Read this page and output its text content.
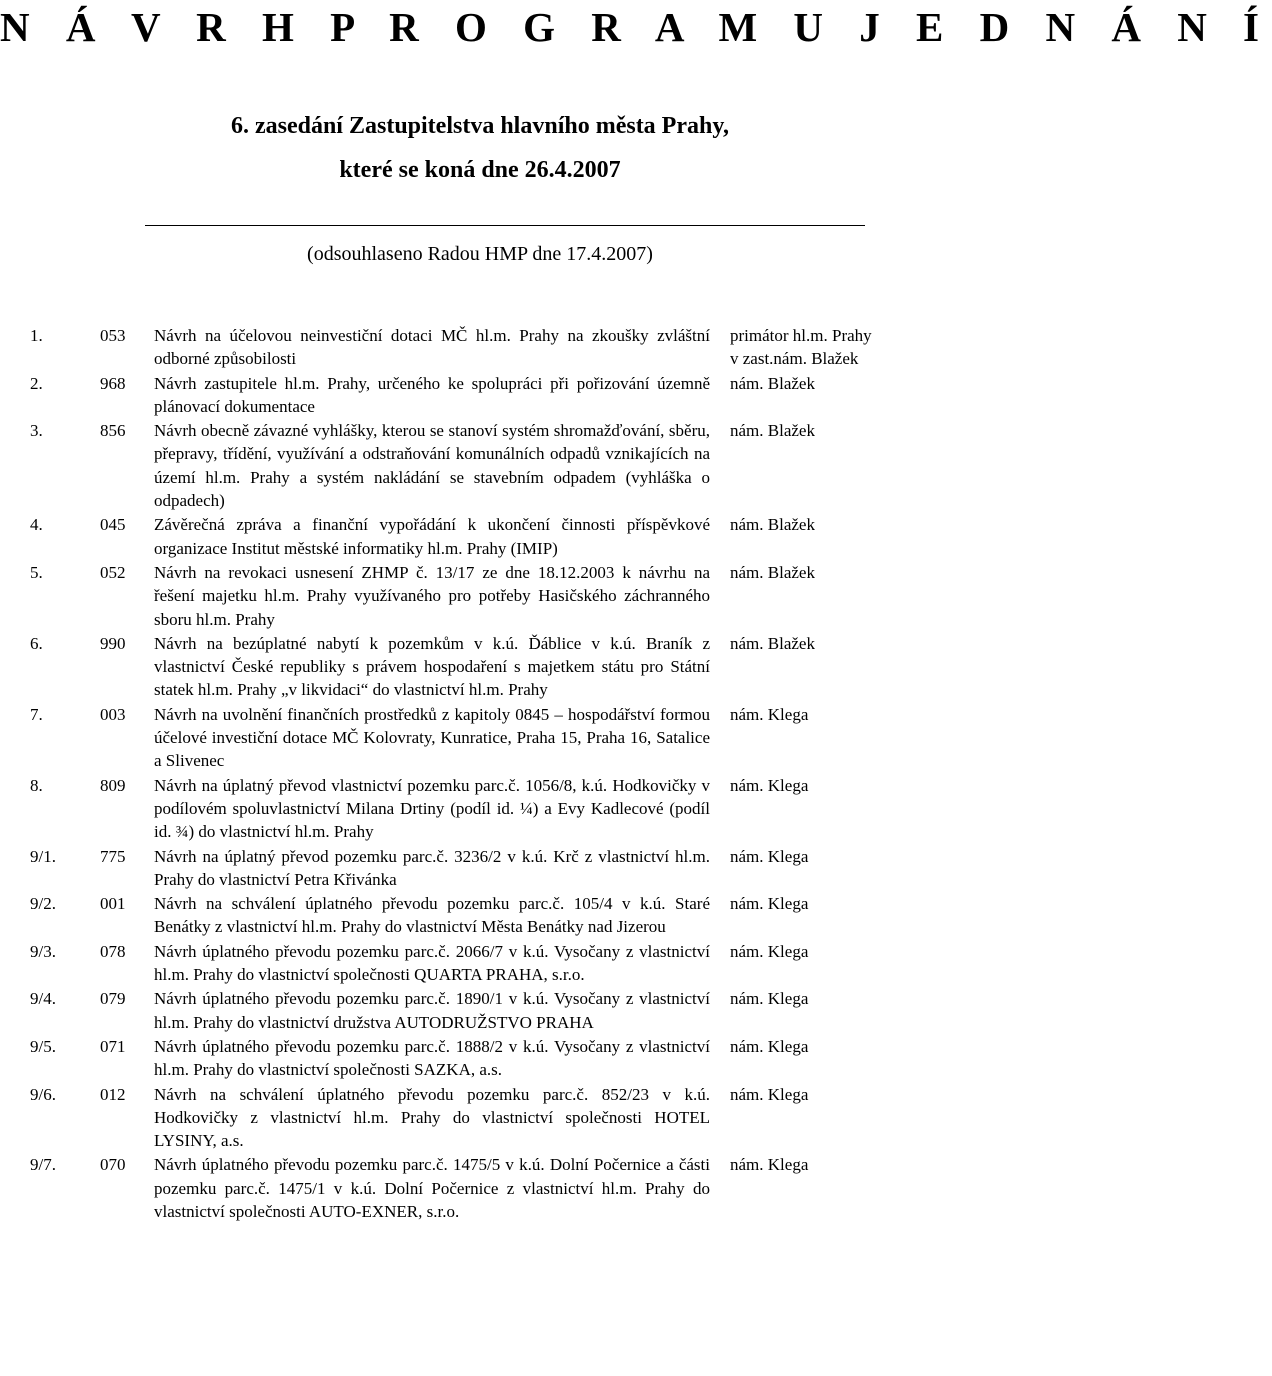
N Á V R H P R O G R A M U J E D N Á N Í
6. zasedání Zastupitelstva hlavního města Prahy,
které se koná dne 26.4.2007
(odsouhlaseno Radou HMP dne 17.4.2007)
1.	053	Návrh na účelovou neinvestiční dotaci MČ hl.m. Prahy na zkoušky zvláštní odborné způsobilosti		primátor hl.m. Prahy
v zast.nám. Blažek

2.	968	Návrh zastupitele hl.m. Prahy, určeného ke spolupráci při pořizování územně plánovací dokumentace		nám. Blažek

3.	856	Návrh obecně závazné vyhlášky, kterou se stanoví systém shromažďování, sběru, přepravy, třídění, využívání a odstraňování komunálních odpadů vznikajících na území hl.m. Prahy a systém nakládání se stavebním odpadem (vyhláška o odpadech)		nám. Blažek

4.	045	Závěrečná zpráva a finanční vypořádání k ukončení činnosti příspěvkové organizace Institut městské informatiky hl.m. Prahy (IMIP)		nám. Blažek

5.	052	Návrh na revokaci usnesení ZHMP č. 13/17 ze dne 18.12.2003 k návrhu na řešení majetku hl.m. Prahy využívaného pro potřeby Hasičského záchranného sboru hl.m. Prahy		nám. Blažek

6.	990	Návrh na bezúplatné nabytí k pozemkům v k.ú. Ďáblice v k.ú. Braník z vlastnictví České republiky s právem hospodaření s majetkem státu pro Státní statek hl.m. Prahy „v likvidaci“ do vlastnictví hl.m. Prahy		nám. Blažek

7.	003	Návrh na uvolnění finančních prostředků z kapitoly 0845 – hospodářství formou účelové investiční dotace MČ Kolovraty, Kunratice, Praha 15, Praha 16, Satalice a Slivenec		nám. Klega

8.	809	Návrh na úplatný převod vlastnictví pozemku parc.č. 1056/8, k.ú. Hodkovičky v podílovém spoluvlastnictví Milana Drtiny (podíl id. ¼) a Evy Kadlecové (podíl id. ¾) do vlastnictví hl.m. Prahy		nám. Klega

9/1.	775	Návrh na úplatný převod pozemku parc.č. 3236/2 v k.ú. Krč z vlastnictví hl.m. Prahy do vlastnictví Petra Křivánka		nám. Klega

9/2.	001	Návrh na schválení úplatného převodu pozemku parc.č. 105/4 v k.ú. Staré Benátky z vlastnictví hl.m. Prahy do vlastnictví Města Benátky nad Jizerou		nám. Klega

9/3.	078	Návrh úplatného převodu pozemku parc.č. 2066/7 v k.ú. Vysočany z vlastnictví hl.m. Prahy do vlastnictví společnosti QUARTA PRAHA, s.r.o.		nám. Klega

9/4.	079	Návrh úplatného převodu pozemku parc.č. 1890/1 v k.ú. Vysočany z vlastnictví hl.m. Prahy do vlastnictví družstva AUTODRUŽSTVO PRAHA		nám. Klega

9/5.	071	Návrh úplatného převodu pozemku parc.č. 1888/2 v k.ú. Vysočany z vlastnictví hl.m. Prahy do vlastnictví společnosti SAZKA, a.s.		nám. Klega

9/6.	012	Návrh na schválení úplatného převodu pozemku parc.č. 852/23 v k.ú. Hodkovičky z vlastnictví hl.m. Prahy do vlastnictví společnosti HOTEL LYSINY, a.s.		nám. Klega

9/7.	070	Návrh úplatného převodu pozemku parc.č. 1475/5 v k.ú. Dolní Počernice a části pozemku parc.č. 1475/1 v k.ú. Dolní Počernice z vlastnictví hl.m. Prahy do vlastnictví společnosti AUTO-EXNER, s.r.o.		nám. Klega
